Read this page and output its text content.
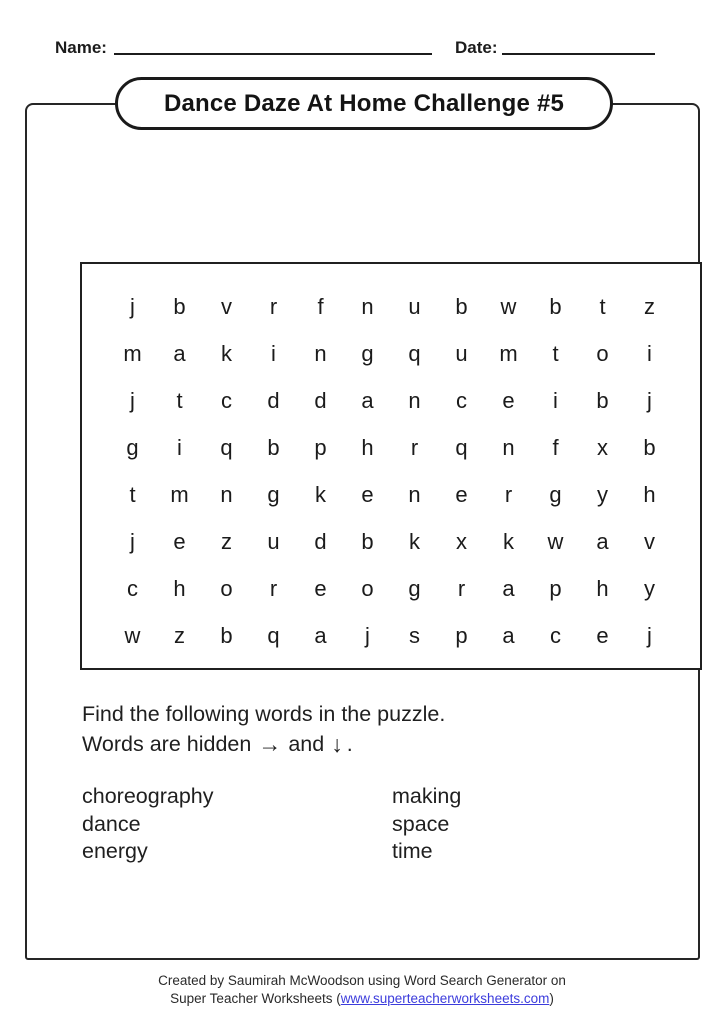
Name:	Date:
Dance Daze At Home Challenge #5
j	b	v	r	f	n	u	b	w	b	t	z
m	a	k	i	n	g	q	u	m	t	o	i
j	t	c	d	d	a	n	c	e	i	b	j
g	i	q	b	p	h	r	q	n	f	x	b
t	m	n	g	k	e	n	e	r	g	y	h
j	e	z	u	d	b	k	x	k	w	a	v
c	h	o	r	e	o	g	r	a	p	h	y
w	z	b	q	a	j	s	p	a	c	e	j
Find the following words in the puzzle.
Words are hidden → and ↓ .
choreography
dance
energy
making
space
time
Created by Saumirah McWoodson using Word Search Generator on
Super Teacher Worksheets (www.superteacherworksheets.com)
